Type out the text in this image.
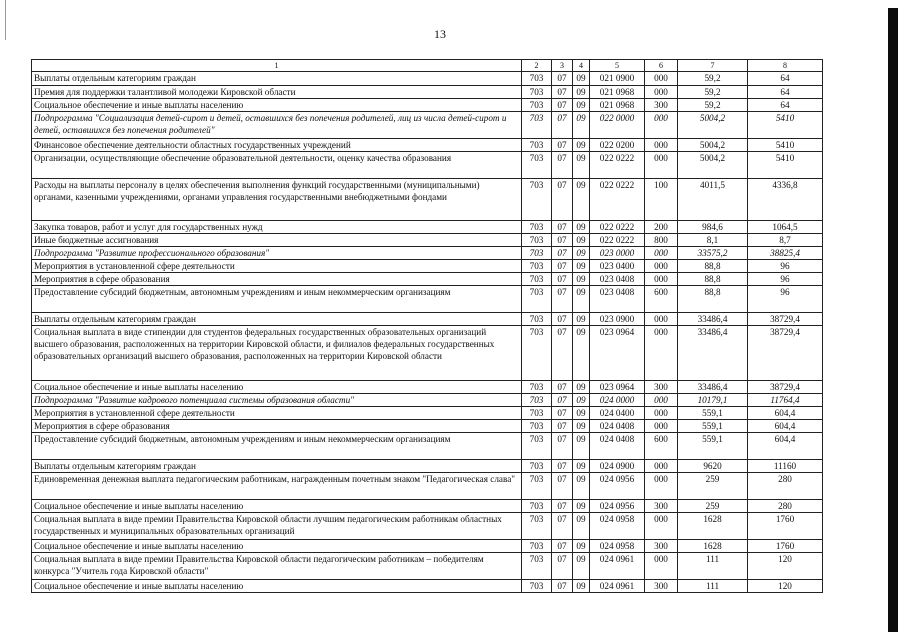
13
1	2	3	4	5	6	7	8
Выплаты отдельным категориям граждан	703	07	09	021 0900	000	59,2	64
Премия для поддержки талантливой молодежи Кировской области	703	07	09	021 0968	000	59,2	64
Социальное обеспечение и иные выплаты населению	703	07	09	021 0968	300	59,2	64
Подпрограмма "Социализация детей-сирот и детей, оставшихся без попечения родителей, лиц из числа детей-сирот и детей, оставшихся без попечения родителей"	703	07	09	022 0000	000	5004,2	5410
Финансовое обеспечение деятельности областных государственных учреждений	703	07	09	022 0200	000	5004,2	5410
Организации, осуществляющие обеспечение образовательной деятельности, оценку качества образования	703	07	09	022 0222	000	5004,2	5410
Расходы на выплаты персоналу в целях обеспечения выполнения функций государственными (муниципальными) органами, казенными учреждениями, органами управления государственными внебюджетными фондами	703	07	09	022 0222	100	4011,5	4336,8
Закупка товаров, работ и услуг для государственных нужд	703	07	09	022 0222	200	984,6	1064,5
Иные бюджетные ассигнования	703	07	09	022 0222	800	8,1	8,7
Подпрограмма "Развитие профессионального образования"	703	07	09	023 0000	000	33575,2	38825,4
Мероприятия в установленной сфере деятельности	703	07	09	023 0400	000	88,8	96
Мероприятия в сфере образования	703	07	09	023 0408	000	88,8	96
Предоставление субсидий бюджетным, автономным учреждениям и иным некоммерческим организациям	703	07	09	023 0408	600	88,8	96
Выплаты отдельным категориям граждан	703	07	09	023 0900	000	33486,4	38729,4
Социальная выплата в виде стипендии для студентов федеральных государственных образовательных организаций высшего образования, расположенных на территории Кировской области, и филиалов федеральных государственных образовательных организаций высшего образования, расположенных на территории Кировской области	703	07	09	023 0964	000	33486,4	38729,4
Социальное обеспечение и иные выплаты населению	703	07	09	023 0964	300	33486,4	38729,4
Подпрограмма "Развитие кадрового потенциала системы образования области"	703	07	09	024 0000	000	10179,1	11764,4
Мероприятия в установленной сфере деятельности	703	07	09	024 0400	000	559,1	604,4
Мероприятия в сфере образования	703	07	09	024 0408	000	559,1	604,4
Предоставление субсидий бюджетным, автономным учреждениям и иным некоммерческим организациям	703	07	09	024 0408	600	559,1	604,4
Выплаты отдельным категориям граждан	703	07	09	024 0900	000	9620	11160
Единовременная денежная выплата педагогическим работникам, награжденным почетным знаком "Педагогическая слава"	703	07	09	024 0956	000	259	280
Социальное обеспечение и иные выплаты населению	703	07	09	024 0956	300	259	280
Социальная выплата в виде премии Правительства Кировской области лучшим педагогическим работникам областных государственных и муниципальных образовательных организаций	703	07	09	024 0958	000	1628	1760
Социальное обеспечение и иные выплаты населению	703	07	09	024 0958	300	1628	1760
Социальная выплата в виде премии Правительства Кировской области педагогическим работникам – победителям конкурса "Учитель года Кировской области"	703	07	09	024 0961	000	111	120
Социальное обеспечение и иные выплаты населению	703	07	09	024 0961	300	111	120
